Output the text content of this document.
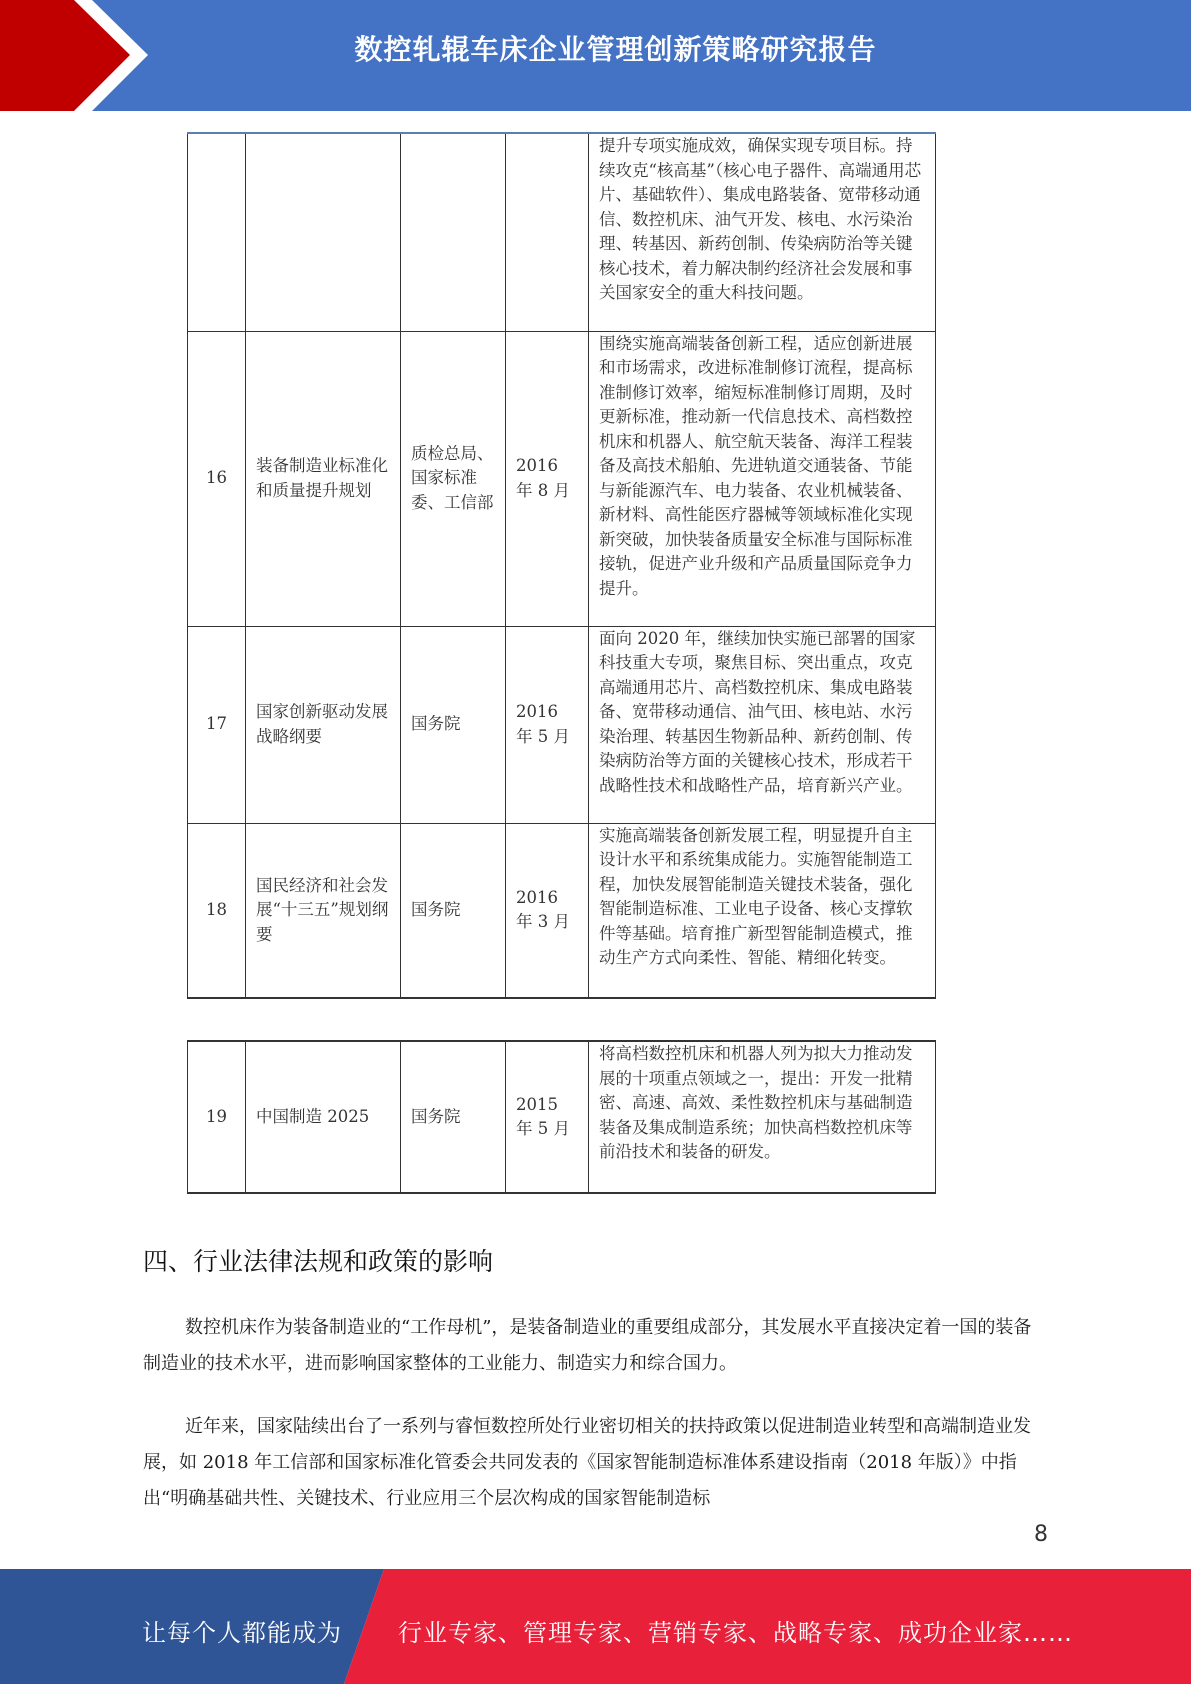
数控轧辊车床企业管理创新策略研究报告
				提升专项实施成效，确保实现专项目标。持续攻克“核高基”（核心电子器件、高端通用芯片、基础软件）、集成电路装备、宽带移动通信、数控机床、油气开发、核电、水污染治理、转基因、新药创制、传染病防治等关键核心技术，着力解决制约经济社会发展和事关国家安全的重大科技问题。
16	装备制造业标准化和质量提升规划	质检总局、国家标准委、工信部	2016 年 8 月	围绕实施高端装备创新工程，适应创新进展和市场需求，改进标准制修订流程，提高标准制修订效率，缩短标准制修订周期，及时更新标准，推动新一代信息技术、高档数控机床和机器人、航空航天装备、海洋工程装备及高技术船舶、先进轨道交通装备、节能与新能源汽车、电力装备、农业机械装备、新材料、高性能医疗器械等领域标准化实现新突破，加快装备质量安全标准与国际标准接轨，促进产业升级和产品质量国际竞争力提升。
17	国家创新驱动发展战略纲要	国务院	2016 年 5 月	面向 2020 年，继续加快实施已部署的国家科技重大专项，聚焦目标、突出重点，攻克高端通用芯片、高档数控机床、集成电路装备、宽带移动通信、油气田、核电站、水污染治理、转基因生物新品种、新药创制、传染病防治等方面的关键核心技术，形成若干战略性技术和战略性产品，培育新兴产业。
18	国民经济和社会发展“十三五”规划纲要	国务院	2016 年 3 月	实施高端装备创新发展工程，明显提升自主设计水平和系统集成能力。实施智能制造工程，加快发展智能制造关键技术装备，强化智能制造标准、工业电子设备、核心支撑软件等基础。培育推广新型智能制造模式，推动生产方式向柔性、智能、精细化转变。
19	中国制造 2025	国务院	2015 年 5 月	将高档数控机床和机器人列为拟大力推动发展的十项重点领域之一，提出：开发一批精密、高速、高效、柔性数控机床与基础制造装备及集成制造系统；加快高档数控机床等前沿技术和装备的研发。
四、行业法律法规和政策的影响

数控机床作为装备制造业的“工作母机”，是装备制造业的重要组成部分，其发展水平直接决定着一国的装备制造业的技术水平，进而影响国家整体的工业能力、制造实力和综合国力。

近年来，国家陆续出台了一系列与睿恒数控所处行业密切相关的扶持政策以促进制造业转型和高端制造业发展，如 2018 年工信部和国家标准化管委会共同发表的《国家智能制造标准体系建设指南（2018 年版）》中指出“明确基础共性、关键技术、行业应用三个层次构成的国家智能制造标

8
让每个人都能成为 行业专家、管理专家、营销专家、战略专家、成功企业家……
